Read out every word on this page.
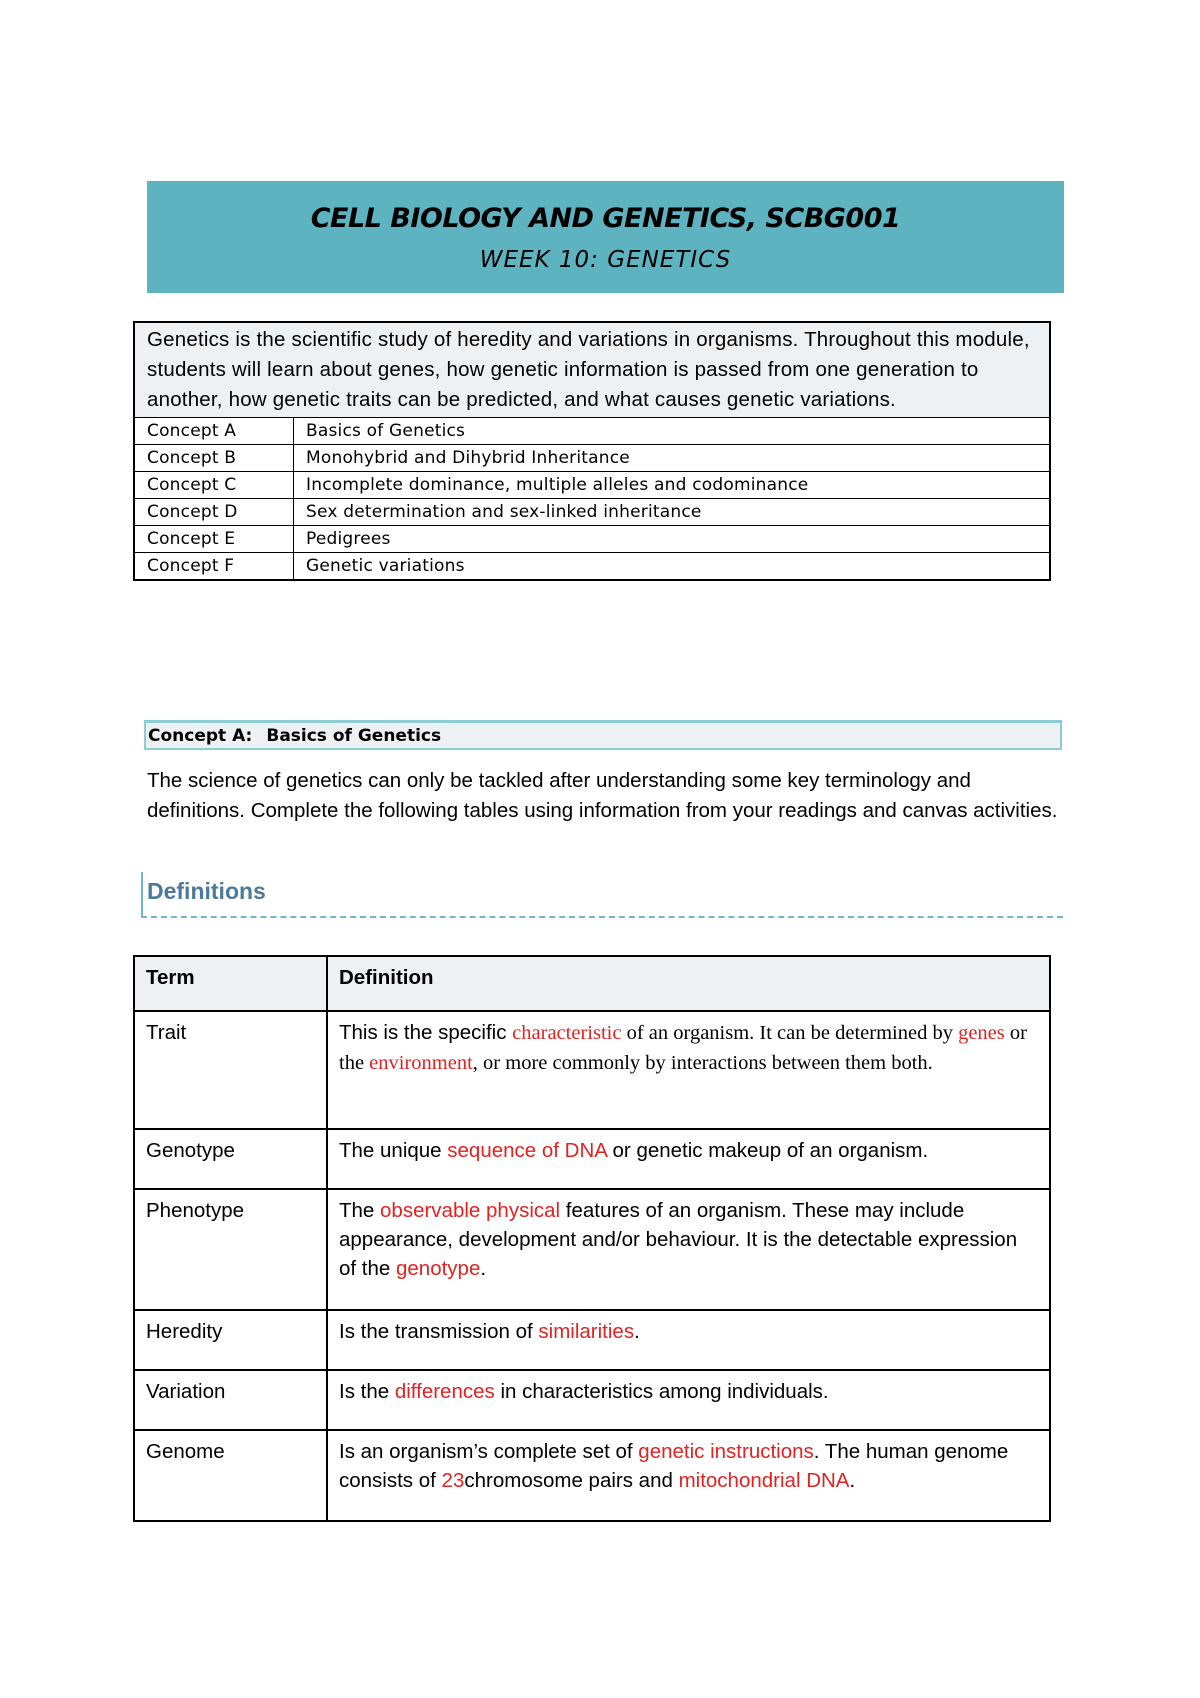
CELL BIOLOGY AND GENETICS, SCBG001
WEEK 10: GENETICS
Genetics is the scientific study of heredity and variations in organisms. Throughout this module, students will learn about genes, how genetic information is passed from one generation to another, how genetic traits can be predicted, and what causes genetic variations.	
Concept A	Basics of Genetics
Concept B	Monohybrid and Dihybrid Inheritance
Concept C	Incomplete dominance, multiple alleles and codominance
Concept D	Sex determination and sex-linked inheritance
Concept E	Pedigrees
Concept F	Genetic variations
Concept A: Basics of Genetics
The science of genetics can only be tackled after understanding some key terminology and definitions. Complete the following tables using information from your readings and canvas activities.
Definitions
Term	Definition
Trait	This is the specific characteristic of an organism. It can be determined by genes or the environment, or more commonly by interactions between them both.
Genotype	The unique sequence of DNA or genetic makeup of an organism.
Phenotype	The observable physical features of an organism. These may include appearance, development and/or behaviour. It is the detectable expression of the genotype.
Heredity	Is the transmission of similarities.
Variation	Is the differences in characteristics among individuals.
Genome	Is an organism’s complete set of genetic instructions. The human genome consists of 23chromosome pairs and mitochondrial DNA.
